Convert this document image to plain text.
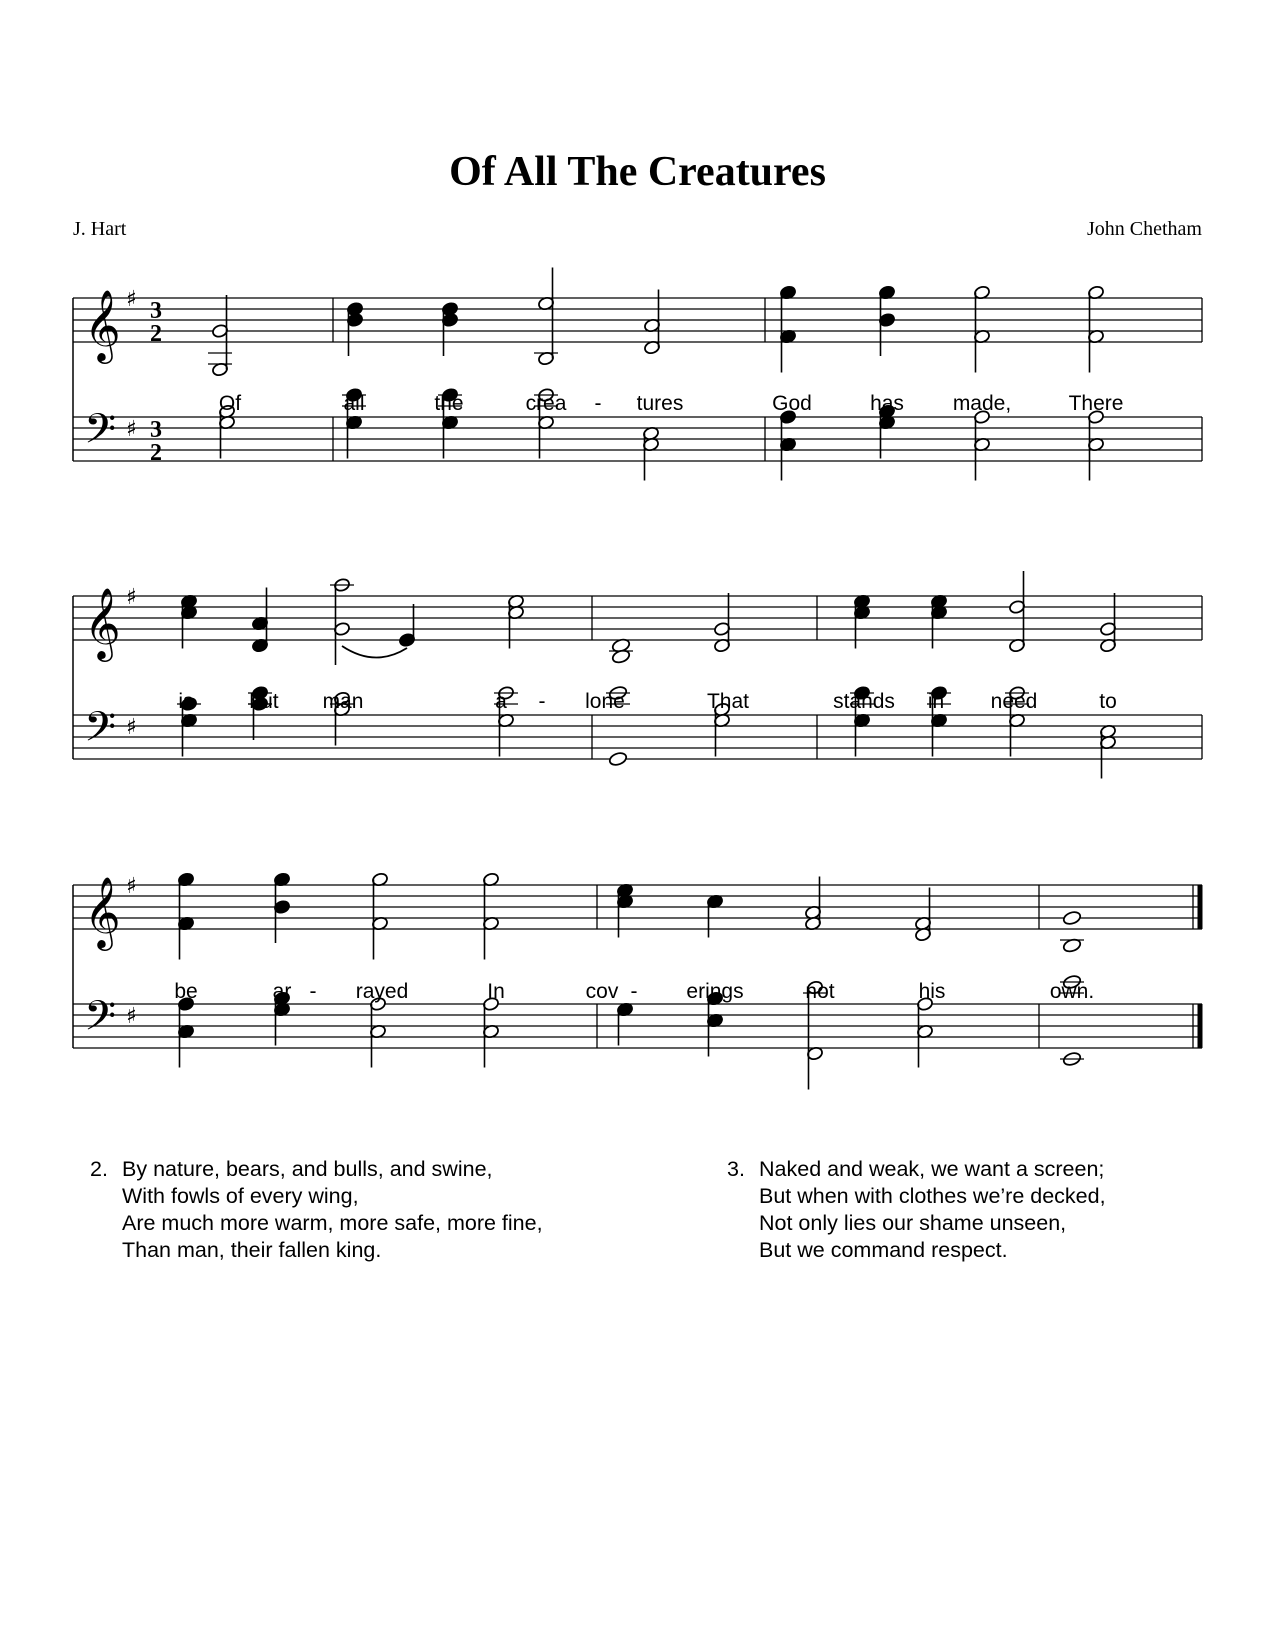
Of All The Creatures
J. Hart	John Chetham
𝄞
𝄢
♯
♯
3
2
3
2
Of	all	the	crea - tures	God	has made,	There
𝄞
𝄢
♯
♯
is	but man	a - lone	That	stands in need	to
𝄞
𝄢
♯
♯
be	ar - rayed	In	cov - erings	not	his	own.
2. By nature, bears, and bulls, and swine,
With fowls of every wing,
Are much more warm, more safe, more fine,
Than man, their fallen king.
3. Naked and weak, we want a screen;
But when with clothes we’re decked,
Not only lies our shame unseen,
But we command respect.
